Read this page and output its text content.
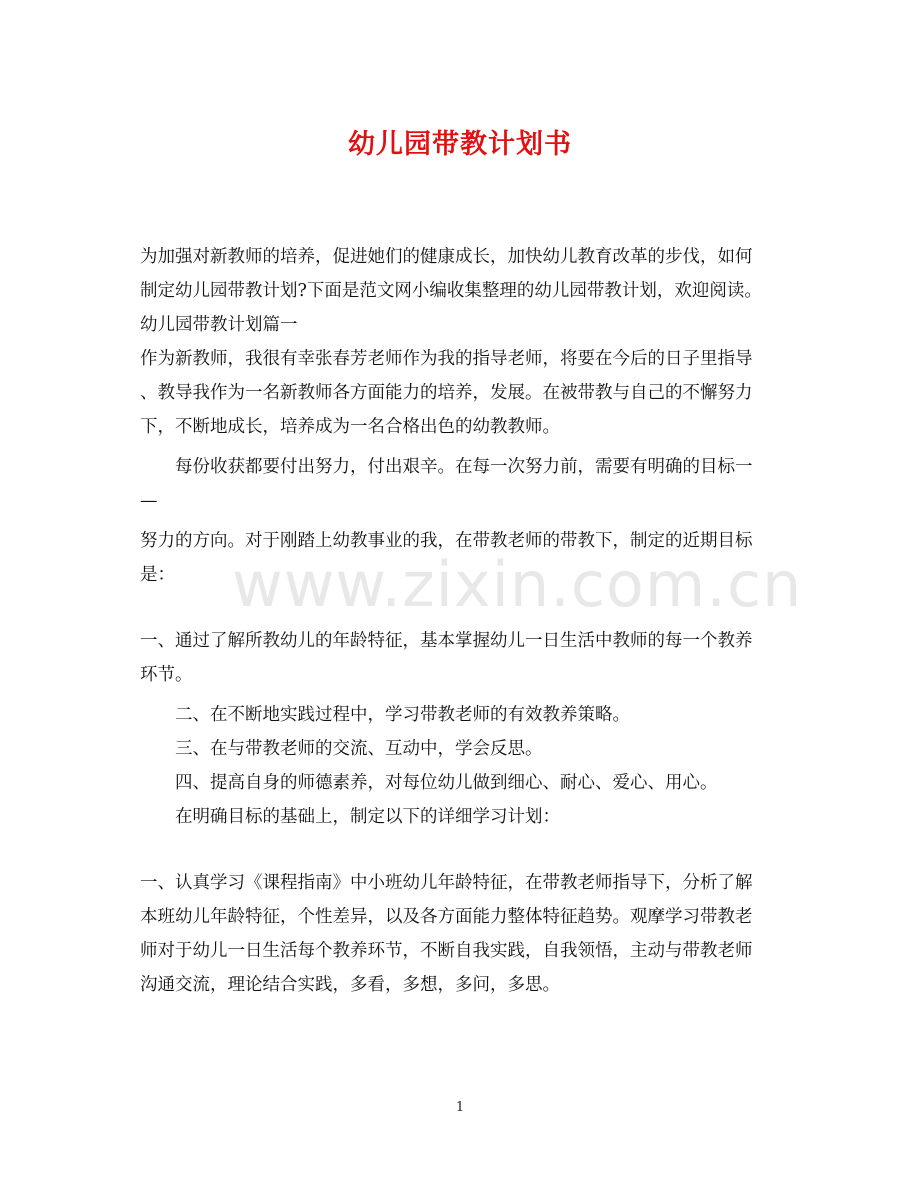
幼儿园带教计划书
为加强对新教师的培养，促进她们的健康成长，加快幼儿教育改革的步伐，如何
制定幼儿园带教计划?下面是范文网小编收集整理的幼儿园带教计划，欢迎阅读。
幼儿园带教计划篇一
作为新教师，我很有幸张春芳老师作为我的指导老师，将要在今后的日子里指导
、教导我作为一名新教师各方面能力的培养，发展。在被带教与自己的不懈努力
下，不断地成长，培养成为一名合格出色的幼教教师。
每份收获都要付出努力，付出艰辛。在每一次努力前，需要有明确的目标一
—
努力的方向。对于刚踏上幼教事业的我，在带教老师的带教下，制定的近期目标
是：
一、通过了解所教幼儿的年龄特征，基本掌握幼儿一日生活中教师的每一个教养
环节。
二、在不断地实践过程中，学习带教老师的有效教养策略。
三、在与带教老师的交流、互动中，学会反思。
四、提高自身的师德素养，对每位幼儿做到细心、耐心、爱心、用心。
在明确目标的基础上，制定以下的详细学习计划：
一、认真学习《课程指南》中小班幼儿年龄特征，在带教老师指导下，分析了解
本班幼儿年龄特征，个性差异，以及各方面能力整体特征趋势。观摩学习带教老
师对于幼儿一日生活每个教养环节，不断自我实践，自我领悟，主动与带教老师
沟通交流，理论结合实践，多看，多想，多问，多思。
www.zixin.com.cn
1
